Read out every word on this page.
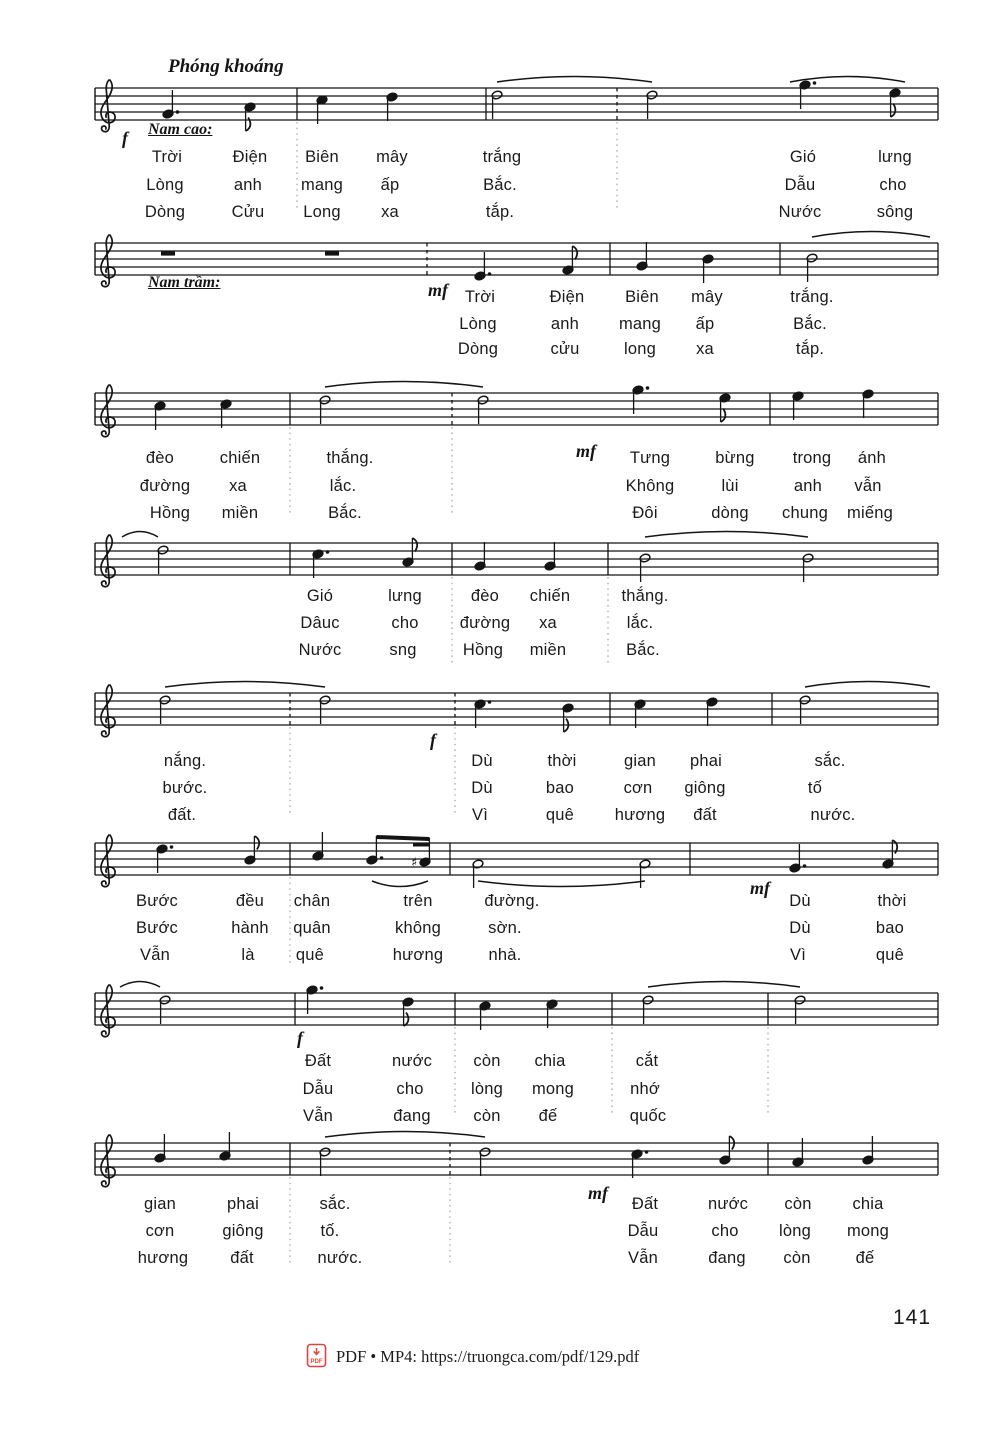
Phóng khoáng
Nam cao:
f
Trời	Điện Biên mây	trắng	Gió	lưng
Lòng	anh mang ấp	Bắc.	Dẫu	cho
Dòng	Cửu Long xa	tắp.	Nước	sông
Nam trầm:	mf Trời	Điện Biên mây	trắng.
Lòng	anh mang ấp	Bắc.
Dòng	cửu	long xa	tắp.
mf
đèo	chiến	thắng.	Tưng	bừng trong ánh
đường xa	lắc.	Không	lùi	anh vẫn
Hồng miền	Bắc.	Đôi	dòng chung miếng
Gió	lưng	đèo chiến	thắng.
Dâuc	cho đường xa	lắc.
Nước	sng	Hồng miền	Bắc.
f
nắng.	Dù	thời	gian phai	sắc.
bước.	Dù	bao	cơn giông	tố
đất.	Vì	quê hương đất	nước.
♯
mf
Bước	đều chân	trên	đường.	Dù	thời
Bước	hành quân	không	sờn.	Dù	bao
Vẫn	là	quê	hương	nhà.	Vì	quê
f
Đất	nước	còn chia	cắt
Dẫu	cho	lòng mong	nhớ
Vẫn	đang	còn đế	quốc
mf
gian	phai	sắc.	Đất	nước còn chia
cơn	giông	tố.	Dẫu	cho lòng mong
hương	đất	nước.	Vẫn	đang còn	đế
141
PDF PDF • MP4: https://truongca.com/pdf/129.pdf
